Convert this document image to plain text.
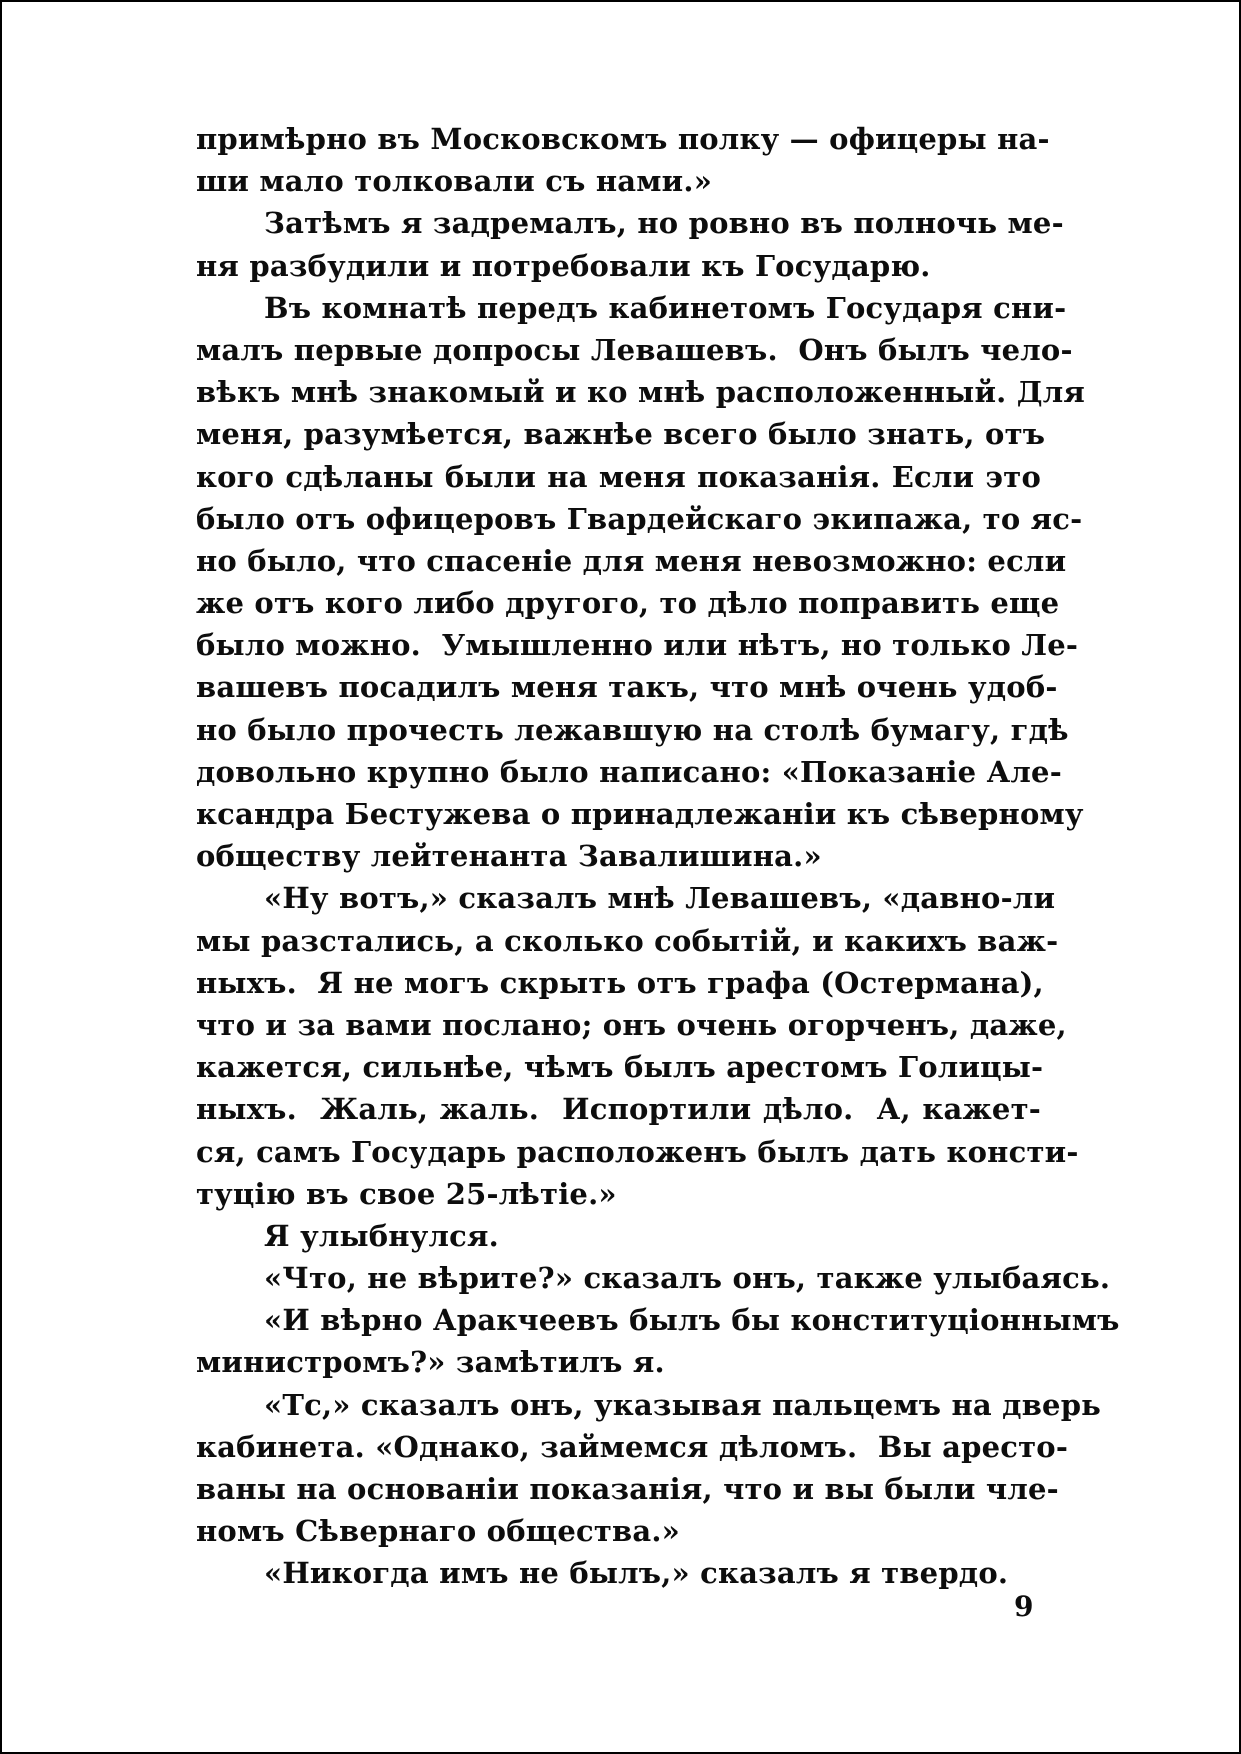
примѣрно въ Московскомъ полку — офицеры на-
ши мало толковали съ нами.»
Затѣмъ я задремалъ, но ровно въ полночь ме-
ня разбудили и потребовали къ Государю.
Въ комнатѣ передъ кабинетомъ Государя сни-
малъ первые допросы Левашевъ.  Онъ былъ чело-
вѣкъ мнѣ знакомый и ко мнѣ расположенный. Для
меня, разумѣется, важнѣе всего было знать, отъ
кого сдѣланы были на меня показанія. Если это
было отъ офицеровъ Гвардейскаго экипажа, то яс-
но было, что спасеніе для меня невозможно: если
же отъ кого либо другого, то дѣло поправить еще
было можно.  Умышленно или нѣтъ, но только Ле-
вашевъ посадилъ меня такъ, что мнѣ очень удоб-
но было прочесть лежавшую на столѣ бумагу, гдѣ
довольно крупно было написано: «Показаніе Але-
ксандра Бестужева о принадлежаніи къ сѣверному
обществу лейтенанта Завалишина.»
«Ну вотъ,» сказалъ мнѣ Левашевъ, «давно-ли
мы разстались, а сколько событій, и какихъ важ-
ныхъ.  Я не могъ скрыть отъ графа (Остермана),
что и за вами послано; онъ очень огорченъ, даже,
кажется, сильнѣе, чѣмъ былъ арестомъ Голицы-
ныхъ.  Жаль, жаль.  Испортили дѣло.  А, кажет-
ся, самъ Государь расположенъ былъ дать консти-
туцію въ свое 25-лѣтіе.»
Я улыбнулся.
«Что, не вѣрите?» сказалъ онъ, также улыбаясь.
«И вѣрно Аракчеевъ былъ бы конституціоннымъ
министромъ?» замѣтилъ я.
«Тс,» сказалъ онъ, указывая пальцемъ на дверь
кабинета. «Однако, займемся дѣломъ.  Вы аресто-
ваны на основаніи показанія, что и вы были чле-
номъ Сѣвернаго общества.»
«Никогда имъ не былъ,» сказалъ я твердо.
9
